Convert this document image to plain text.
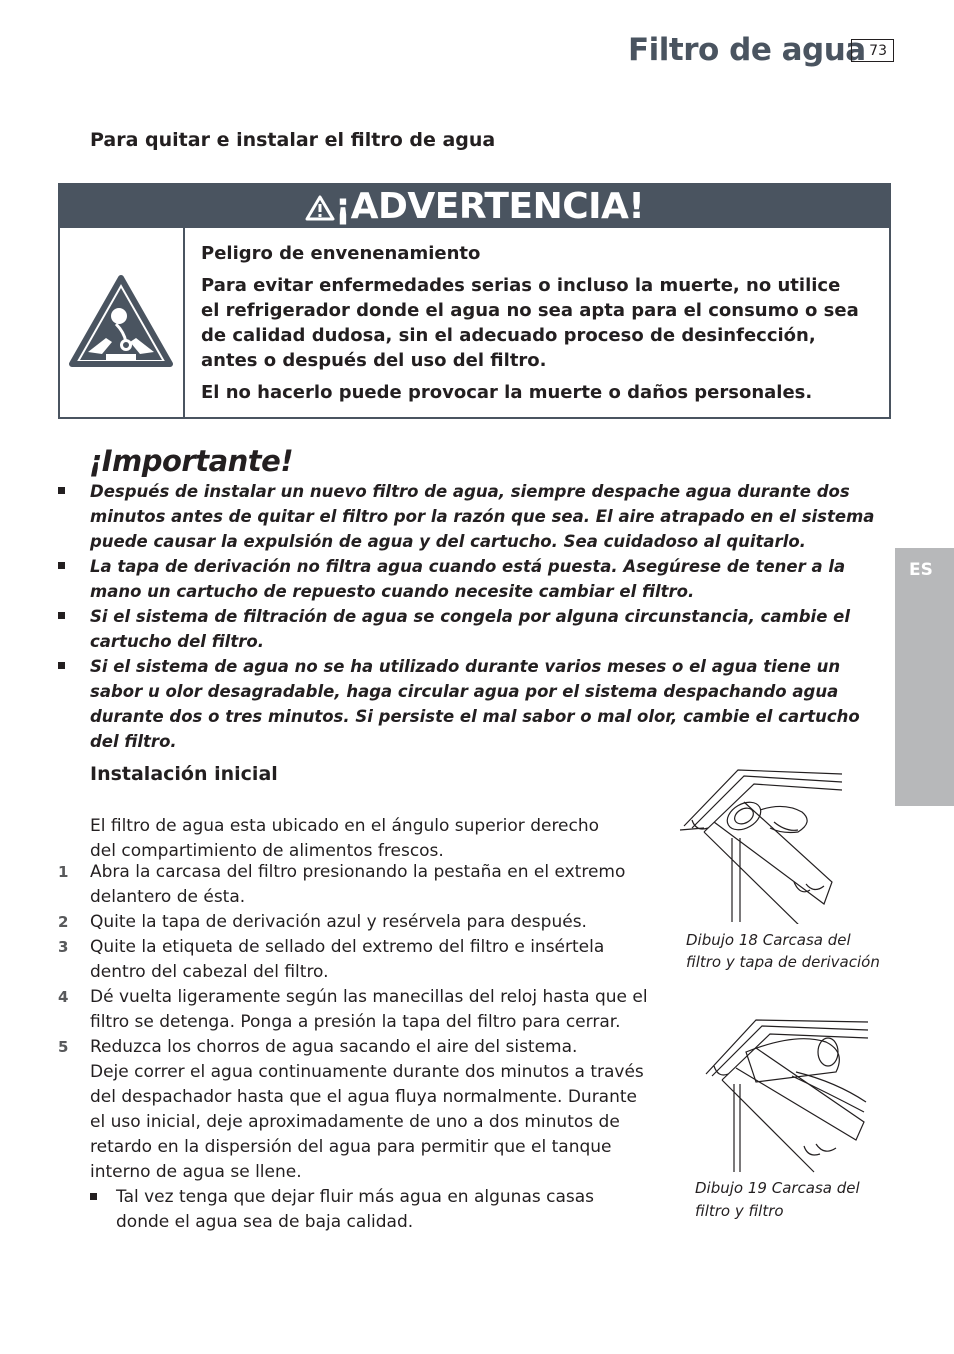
Filtro de agua 73
ES
Para quitar e instalar el filtro de agua
¡ADVERTENCIA!

Peligro de envenenamiento

Para evitar enfermedades serias o incluso la muerte, no utilice el refrigerador donde el agua no sea apta para el consumo o sea de calidad dudosa, sin el adecuado proceso de desinfección, antes o después del uso del filtro.

El no hacerlo puede provocar la muerte o daños personales.

¡Importante!
Después de instalar un nuevo filtro de agua, siempre despache agua durante dos minutos antes de quitar el filtro por la razón que sea. El aire atrapado en el sistema puede causar la expulsión de agua y del cartucho. Sea cuidadoso al quitarlo.
La tapa de derivación no filtra agua cuando está puesta. Asegúrese de tener a la mano un cartucho de repuesto cuando necesite cambiar el filtro.
Si el sistema de filtración de agua se congela por alguna circunstancia, cambie el cartucho del filtro.
Si el sistema de agua no se ha utilizado durante varios meses o el agua tiene un sabor u olor desagradable, haga circular agua por el sistema despachando agua durante dos o tres minutos. Si persiste el mal sabor o mal olor, cambie el cartucho del filtro.
Instalación inicial
El filtro de agua esta ubicado en el ángulo superior derecho del compartimiento de alimentos frescos.
1 Abra la carcasa del filtro presionando la pestaña en el extremo delantero de ésta.
2 Quite la tapa de derivación azul y resérvela para después.
3 Quite la etiqueta de sellado del extremo del filtro e insértela dentro del cabezal del filtro.
4 Dé vuelta ligeramente según las manecillas del reloj hasta que el filtro se detenga. Ponga a presión la tapa del filtro para cerrar.
5 Reduzca los chorros de agua sacando el aire del sistema.
Deje correr el agua continuamente durante dos minutos a través del despachador hasta que el agua fluya normalmente. Durante el uso inicial, deje aproximadamente de uno a dos minutos de retardo en la dispersión del agua para permitir que el tanque interno de agua se llene.
Tal vez tenga que dejar fluir más agua en algunas casas donde el agua sea de baja calidad.
Dibujo 18 Carcasa del filtro y tapa de derivación
Dibujo 19 Carcasa del filtro y filtro
